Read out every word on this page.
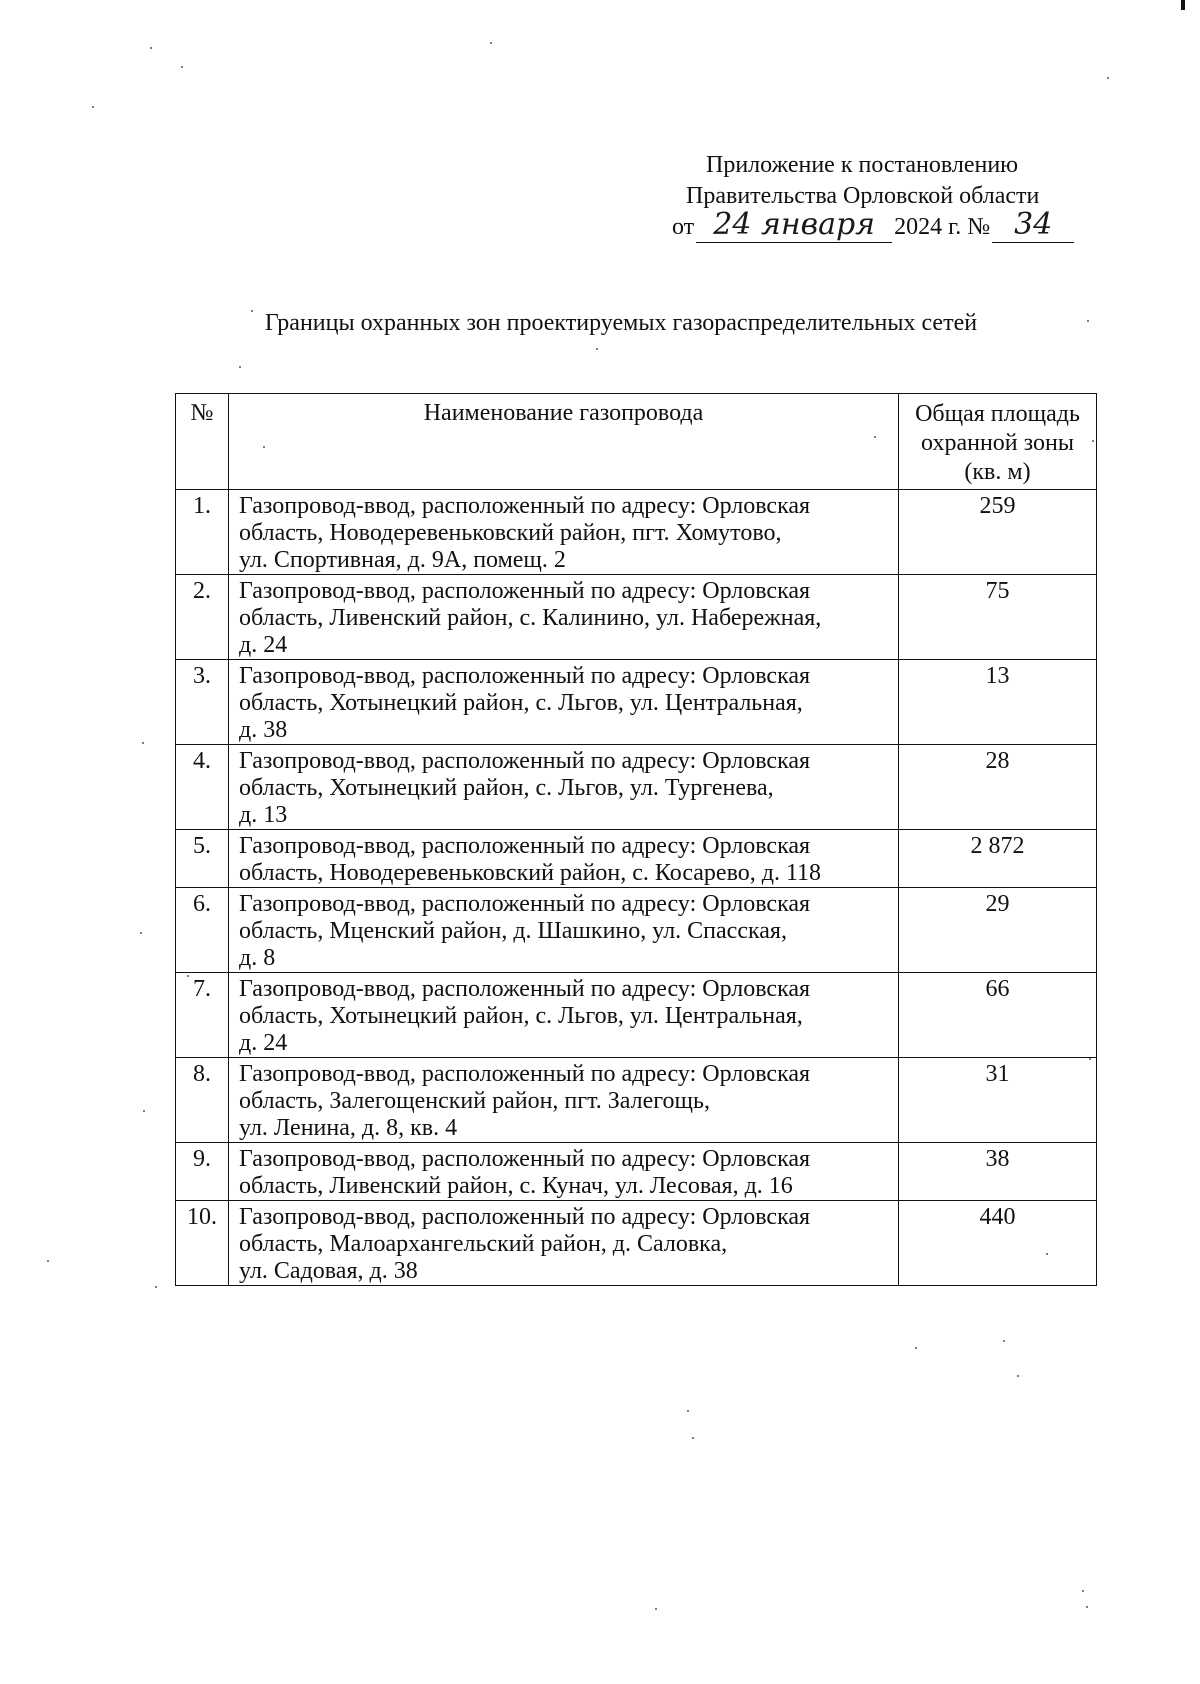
Приложение к постановлению
Правительства Орловской области
от 24 января 2024 г. № 34
Границы охранных зон проектируемых газораспределительных сетей
№	Наименование газопровода	Общая площадь
охранной зоны
(кв. м)

1.	Газопровод-ввод, расположенный по адресу: Орловская
область, Новодеревеньковский район, пгт. Хомутово,
ул. Спортивная, д. 9А, помещ. 2	259

2.	Газопровод-ввод, расположенный по адресу: Орловская
область, Ливенский район, с. Калинино, ул. Набережная,
д. 24	75

3.	Газопровод-ввод, расположенный по адресу: Орловская
область, Хотынецкий район, с. Льгов, ул. Центральная,
д. 38	13

4.	Газопровод-ввод, расположенный по адресу: Орловская
область, Хотынецкий район, с. Льгов, ул. Тургенева,
д. 13	28

5.	Газопровод-ввод, расположенный по адресу: Орловская
область, Новодеревеньковский район, с. Косарево, д. 118	2 872

6.	Газопровод-ввод, расположенный по адресу: Орловская
область, Мценский район, д. Шашкино, ул. Спасская,
д. 8	29

7.	Газопровод-ввод, расположенный по адресу: Орловская
область, Хотынецкий район, с. Льгов, ул. Центральная,
д. 24	66

8.	Газопровод-ввод, расположенный по адресу: Орловская
область, Залегощенский район, пгт. Залегощь,
ул. Ленина, д. 8, кв. 4	31

9.	Газопровод-ввод, расположенный по адресу: Орловская
область, Ливенский район, с. Кунач, ул. Лесовая, д. 16	38

10.	Газопровод-ввод, расположенный по адресу: Орловская
область, Малоархангельский район, д. Саловка,
ул. Садовая, д. 38	440
